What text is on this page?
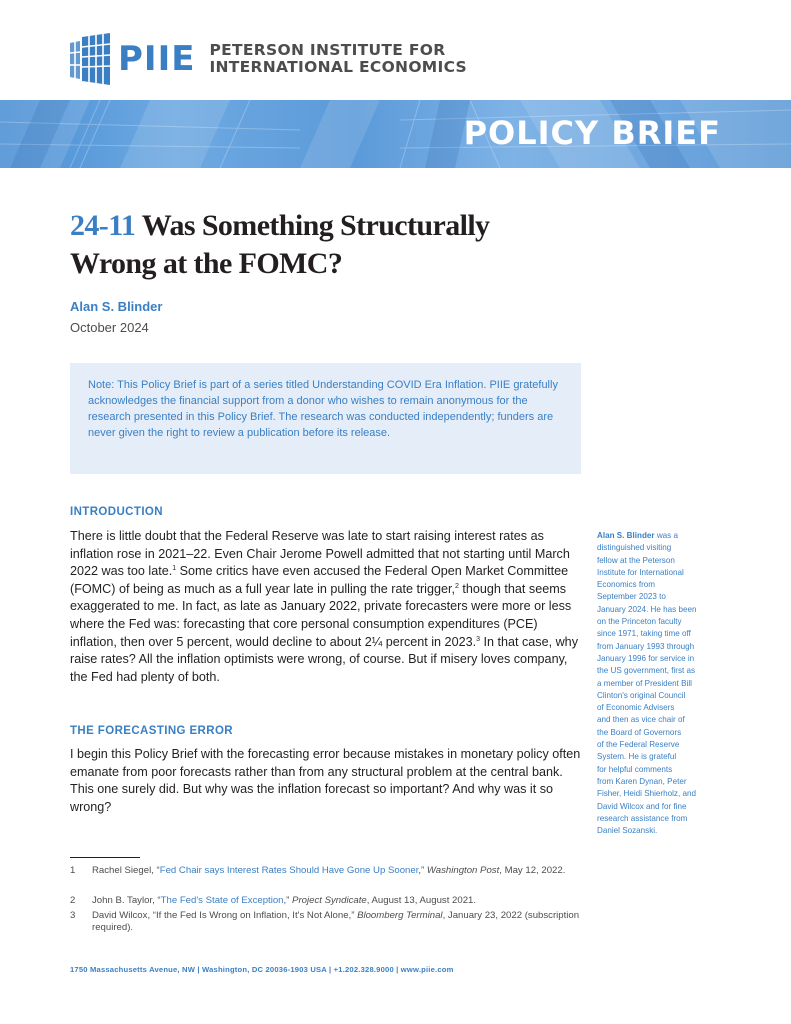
PIIE PETERSON INSTITUTE FOR
INTERNATIONAL ECONOMICS
POLICY BRIEF
24-11 Was Something Structurally
Wrong at the FOMC?
Alan S. Blinder
October 2024
Note: This Policy Brief is part of a series titled Understanding COVID Era Inflation. PIIE gratefully acknowledges the financial support from a donor who wishes to remain anonymous for the research presented in this Policy Brief. The research was conducted independently; funders are never given the right to review a publication before its release.
INTRODUCTION

There is little doubt that the Federal Reserve was late to start raising interest rates as inflation rose in 2021–22. Even Chair Jerome Powell admitted that not starting until March 2022 was too late.$^1$ Some critics have even accused the Federal Open Market Committee (FOMC) of being as much as a full year late in pulling the rate trigger,$^2$ though that seems exaggerated to me. In fact, as late as January 2022, private forecasters were more or less where the Fed was: forecasting that core personal consumption expenditures (PCE) inflation, then over 5 percent, would decline to about 2¼ percent in 2023.$^3$ In that case, why raise rates? All the inflation optimists were wrong, of course. But if misery loves company, the Fed had plenty of both.

THE FORECASTING ERROR

I begin this Policy Brief with the forecasting error because mistakes in monetary policy often emanate from poor forecasts rather than from any structural problem at the central bank. This one surely did. But why was the inflation forecast so important? And why was it so wrong?

Alan S. Blinder was a
distinguished visiting
fellow at the Peterson
Institute for International
Economics from
September 2023 to
January 2024. He has been
on the Princeton faculty
since 1971, taking time off
from January 1993 through
January 1996 for service in
the US government, first as
a member of President Bill
Clinton's original Council
of Economic Advisers
and then as vice chair of
the Board of Governors
of the Federal Reserve
System. He is grateful
for helpful comments
from Karen Dynan, Peter
Fisher, Heidi Shierholz, and
David Wilcox and for fine
research assistance from
Daniel Sozanski.
1	Rachel Siegel, “Fed Chair says Interest Rates Should Have Gone Up Sooner,” Washington Post, May 12, 2022.
2	John B. Taylor, “The Fed's State of Exception,” Project Syndicate, August 13, August 2021.
3	David Wilcox, “If the Fed Is Wrong on Inflation, It's Not Alone,” Bloomberg Terminal, January 23, 2022 (subscription required).
1750 Massachusetts Avenue, NW | Washington, DC 20036-1903 USA | +1.202.328.9000 | www.piie.com
